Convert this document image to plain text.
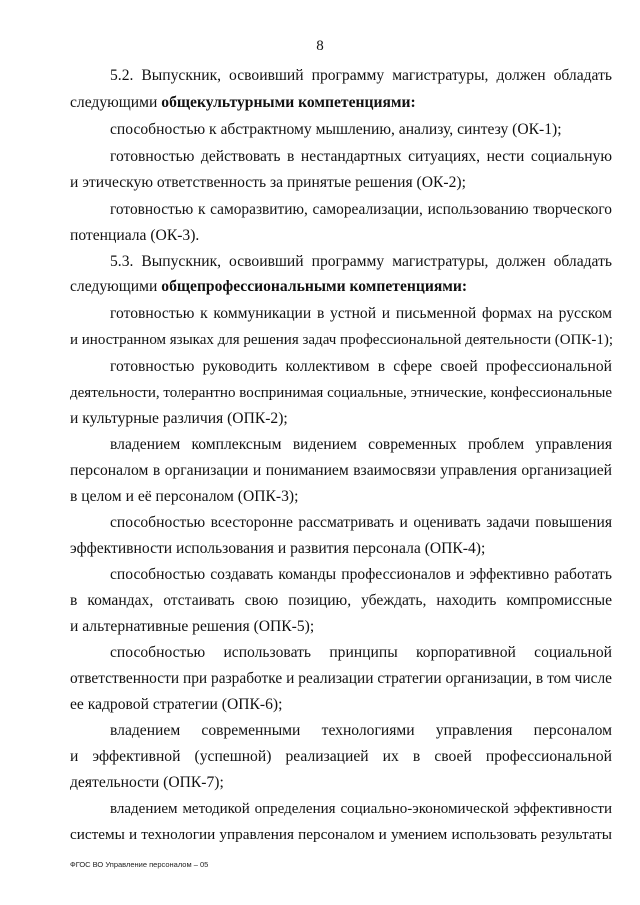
8
5.2. Выпускник, освоивший программу магистратуры, должен обладать
следующими общекультурными компетенциями:
способностью к абстрактному мышлению, анализу, синтезу (ОК-1);
готовностью действовать в нестандартных ситуациях, нести социальную
и этическую ответственность за принятые решения (ОК-2);
готовностью к саморазвитию, самореализации, использованию творческого
потенциала (ОК-3).
5.3. Выпускник, освоивший программу магистратуры, должен обладать
следующими общепрофессиональными компетенциями:
готовностью к коммуникации в устной и письменной формах на русском
и иностранном языках для решения задач профессиональной деятельности (ОПК-1);
готовностью руководить коллективом в сфере своей профессиональной
деятельности, толерантно воспринимая социальные, этнические, конфессиональные
и культурные различия (ОПК-2);
владением комплексным видением современных проблем управления
персоналом в организации и пониманием взаимосвязи управления организацией
в целом и её персоналом (ОПК-3);
способностью всесторонне рассматривать и оценивать задачи повышения
эффективности использования и развития персонала (ОПК-4);
способностью создавать команды профессионалов и эффективно работать
в командах, отстаивать свою позицию, убеждать, находить компромиссные
и альтернативные решения (ОПК-5);
способностью использовать принципы корпоративной социальной
ответственности при разработке и реализации стратегии организации, в том числе
ее кадровой стратегии (ОПК-6);
владением современными технологиями управления персоналом
и эффективной (успешной) реализацией их в своей профессиональной
деятельности (ОПК-7);
владением методикой определения социально-экономической эффективности
системы и технологии управления персоналом и умением использовать результаты
ФГОС ВО Управление персоналом – 05
